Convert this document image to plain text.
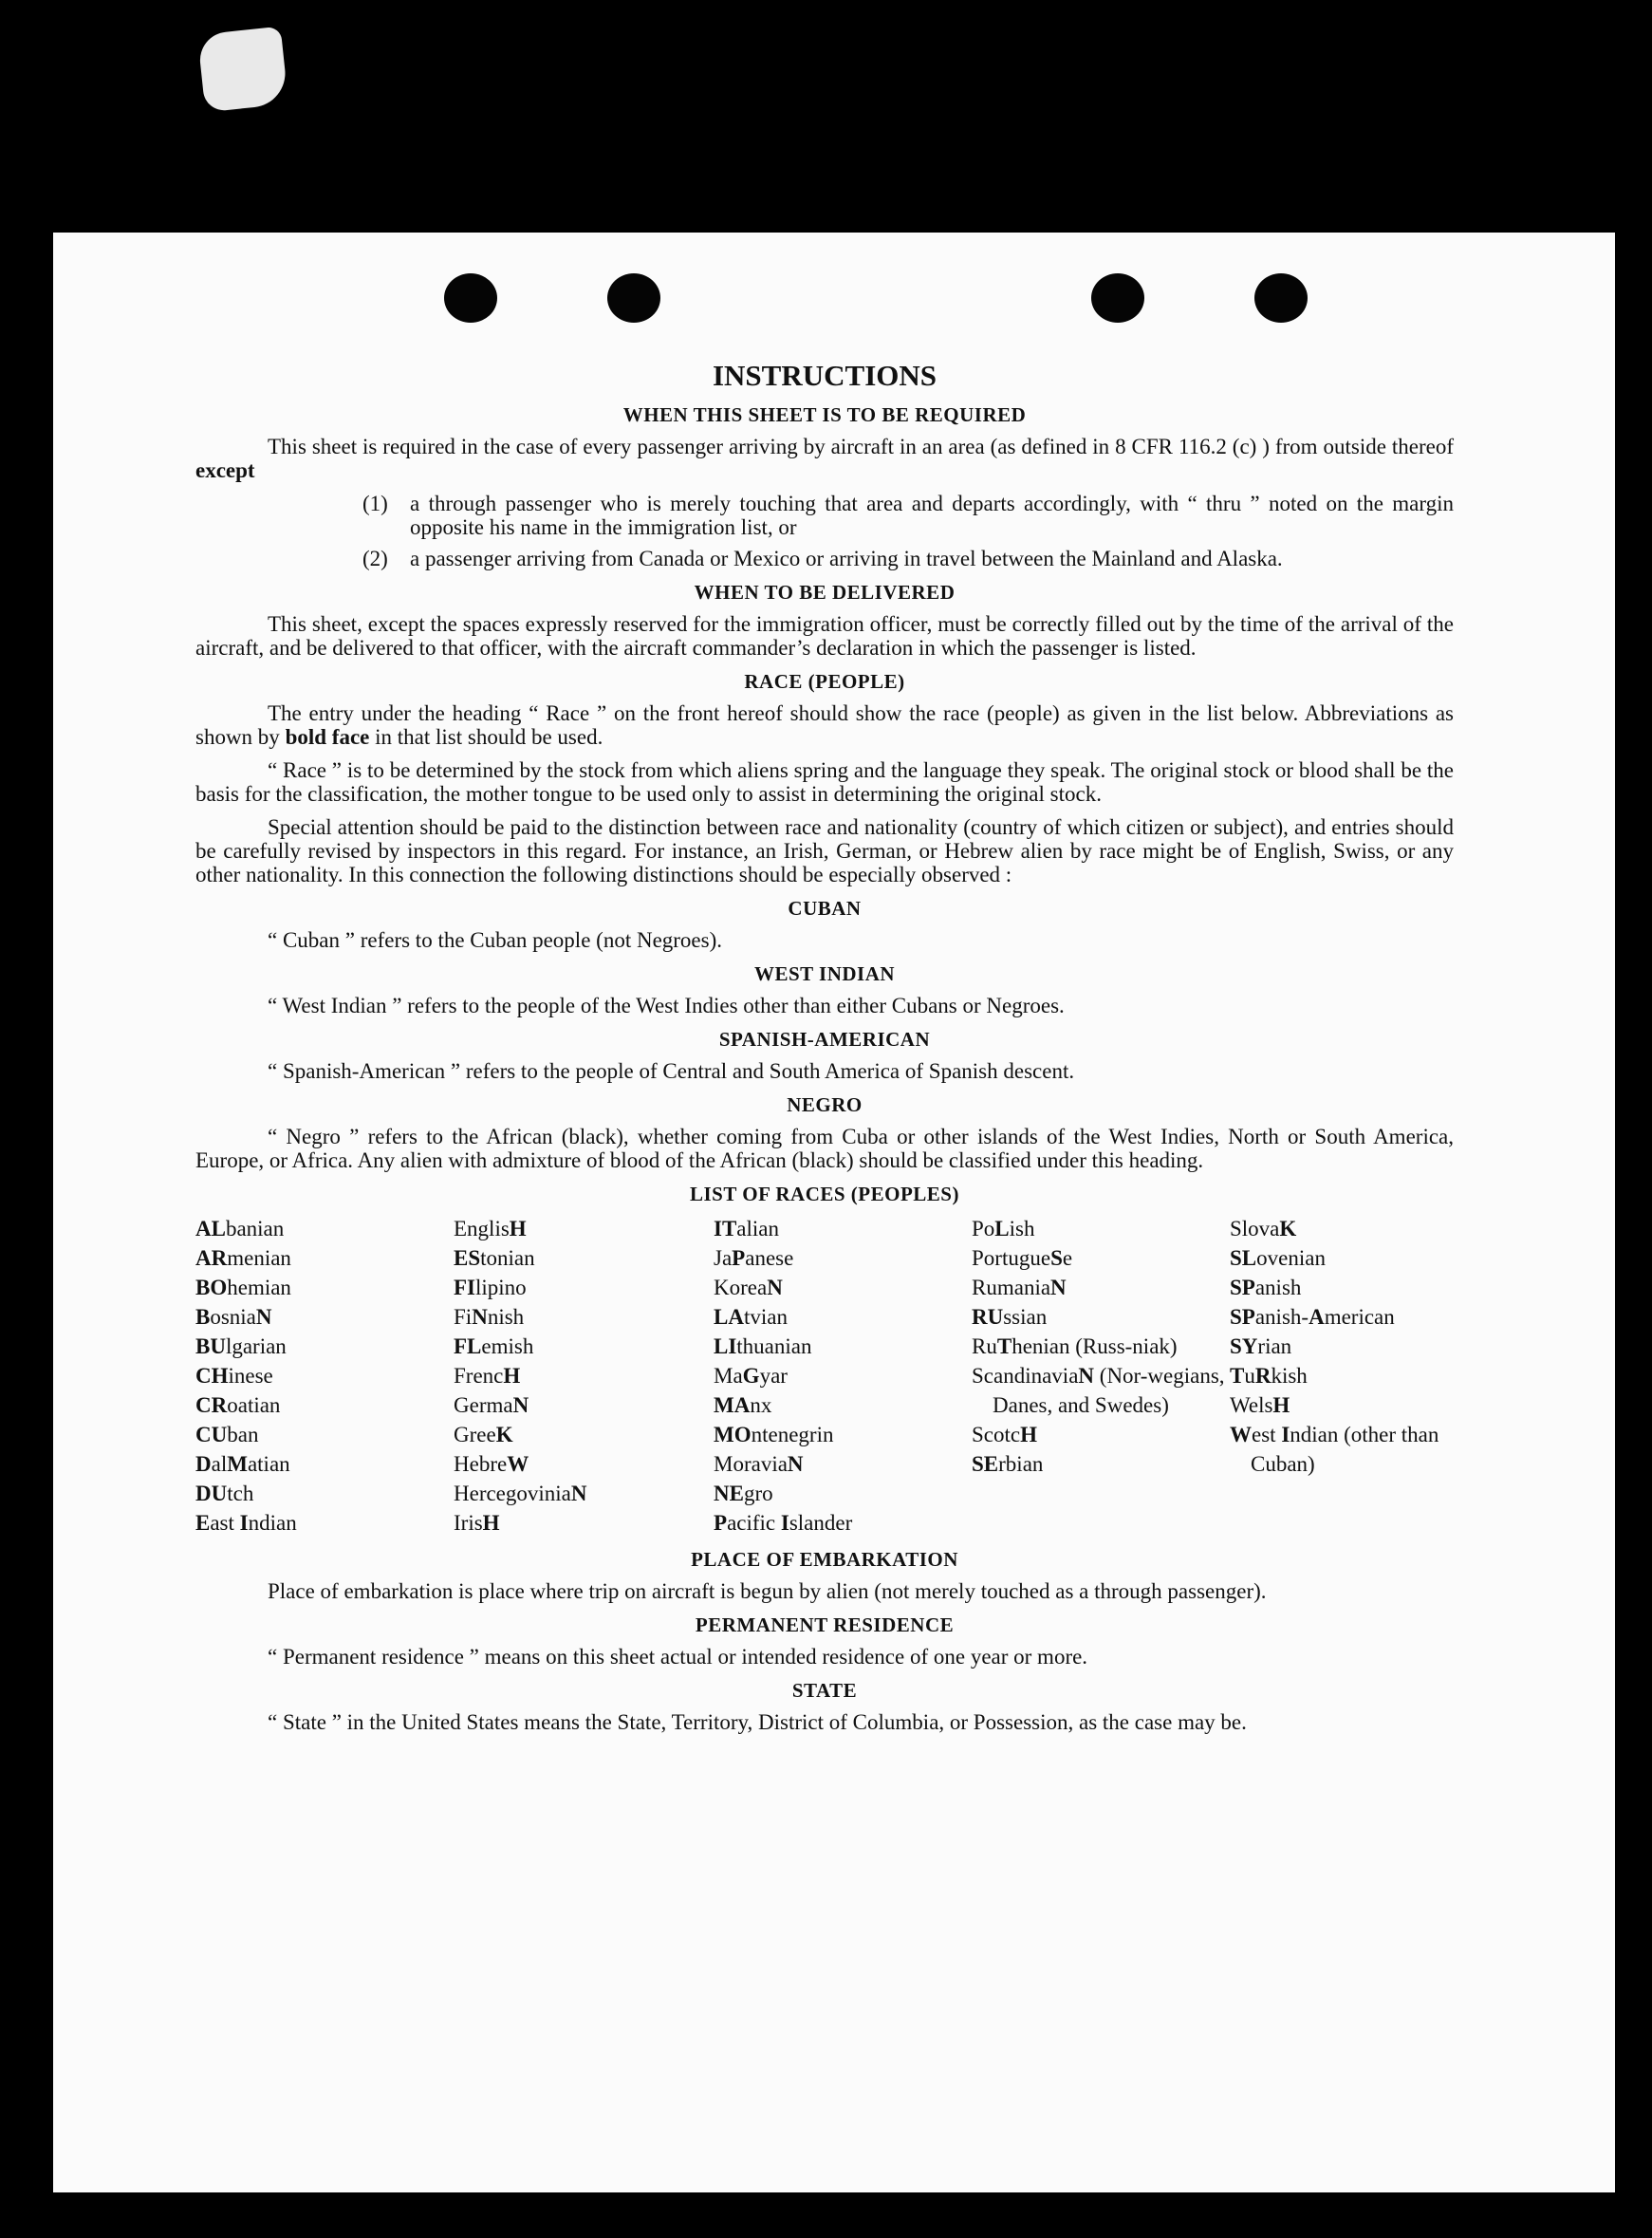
INSTRUCTIONS
WHEN THIS SHEET IS TO BE REQUIRED

This sheet is required in the case of every passenger arriving by aircraft in an area (as defined in 8 CFR 116.2 (c) ) from outside thereof except

(1)	a through passenger who is merely touching that area and departs accordingly, with “ thru ” noted on the margin opposite his name in the immigration list, or
(2)	a passenger arriving from Canada or Mexico or arriving in travel between the Mainland and Alaska.
WHEN TO BE DELIVERED

This sheet, except the spaces expressly reserved for the immigration officer, must be correctly filled out by the time of the arrival of the aircraft, and be delivered to that officer, with the aircraft commander’s declaration in which the passenger is listed.

RACE (PEOPLE)

The entry under the heading “ Race ” on the front hereof should show the race (people) as given in the list below. Abbreviations as shown by bold face in that list should be used.

“ Race ” is to be determined by the stock from which aliens spring and the language they speak. The original stock or blood shall be the basis for the classification, the mother tongue to be used only to assist in determining the original stock.

Special attention should be paid to the distinction between race and nationality (country of which citizen or subject), and entries should be carefully revised by inspectors in this regard. For instance, an Irish, German, or Hebrew alien by race might be of English, Swiss, or any other nationality. In this connection the following distinctions should be especially observed :

CUBAN

“ Cuban ” refers to the Cuban people (not Negroes).

WEST INDIAN

“ West Indian ” refers to the people of the West Indies other than either Cubans or Negroes.

SPANISH-AMERICAN

“ Spanish-American ” refers to the people of Central and South America of Spanish descent.

NEGRO

“ Negro ” refers to the African (black), whether coming from Cuba or other islands of the West Indies, North or South America, Europe, or Africa. Any alien with admixture of blood of the African (black) should be classified under this heading.

LIST OF RACES (PEOPLES)
ALbanian
ARmenian
BOhemian
BosniaN
BUlgarian
CHinese
CRoatian
CUban
DalMatian
DUtch
East Indian
EnglisH
EStonian
FIlipino
FiNnish
FLemish
FrencH
GermaN
GreeK
HebreW
HercegoviniaN
IrisH
ITalian
JaPanese
KoreaN
LAtvian
LIthuanian
MaGyar
MAnx
MOntenegrin
MoraviaN
NEgro
Pacific Islander
PoLish
PortugueSe
RumaniaN
RUssian
RuThenian (Russ-niak)
ScandinaviaN (Nor-wegians, Danes, and Swedes)
ScotcH
SErbian
SlovaK
SLovenian
SPanish
SPanish-American
SYrian
TuRkish
WelsH
West Indian (other than Cuban)
PLACE OF EMBARKATION

Place of embarkation is place where trip on aircraft is begun by alien (not merely touched as a through passenger).

PERMANENT RESIDENCE

“ Permanent residence ” means on this sheet actual or intended residence of one year or more.

STATE

“ State ” in the United States means the State, Territory, District of Columbia, or Possession, as the case may be.
